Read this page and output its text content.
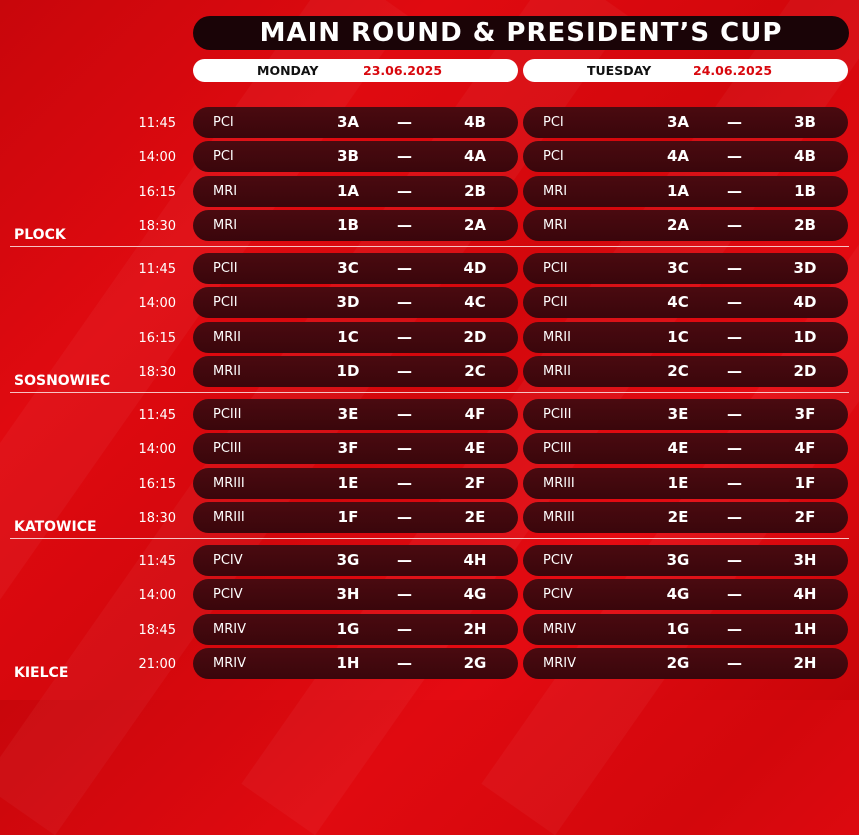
MAIN ROUND & PRESIDENT’S CUP
MONDAY	23.06.2025	TUESDAY	24.06.2025
11:45	PCI	3A	—	4B	PCI	3A	—	3B
14:00	PCI	3B	—	4A	PCI	4A	—	4B
16:15	MRI	1A	—	2B	MRI	1A	—	1B
18:30	MRI	1B	—	2A	MRI	2A	—	2B
PLOCK
11:45	PCII	3C	—	4D	PCII	3C	—	3D
14:00	PCII	3D	—	4C	PCII	4C	—	4D
16:15	MRII	1C	—	2D	MRII	1C	—	1D
18:30	MRII	1D	—	2C	MRII	2C	—	2D
SOSNOWIEC
11:45	PCIII	3E	—	4F	PCIII	3E	—	3F
14:00	PCIII	3F	—	4E	PCIII	4E	—	4F
16:15	MRIII	1E	—	2F	MRIII	1E	—	1F
18:30	MRIII	1F	—	2E	MRIII	2E	—	2F
KATOWICE
11:45	PCIV	3G	—	4H	PCIV	3G	—	3H
14:00	PCIV	3H	—	4G	PCIV	4G	—	4H
18:45	MRIV	1G	—	2H	MRIV	1G	—	1H
21:00	MRIV	1H	—	2G	MRIV	2G	—	2H
KIELCE
